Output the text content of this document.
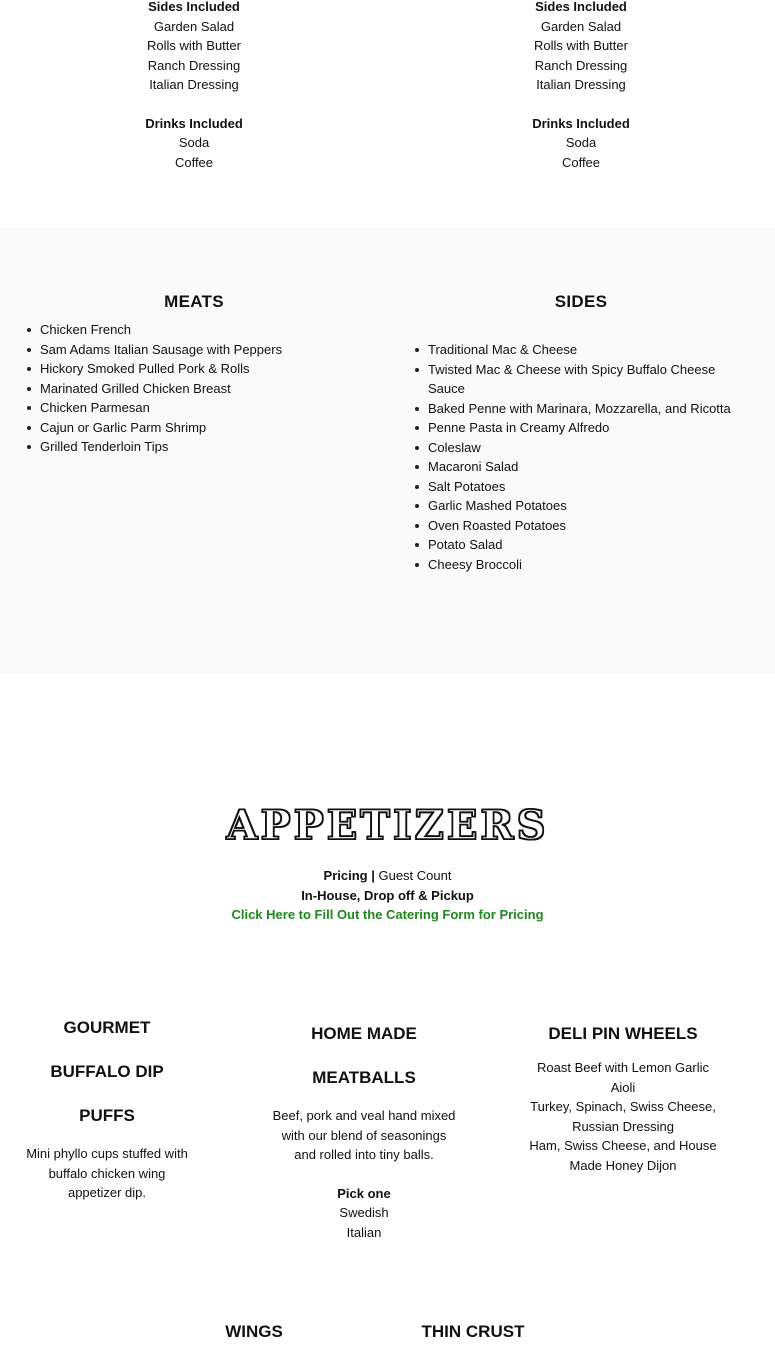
Sides Included
Garden Salad
Rolls with Butter
Ranch Dressing
Italian Dressing
Drinks Included
Soda
Coffee
Sides Included
Garden Salad
Rolls with Butter
Ranch Dressing
Italian Dressing
Drinks Included
Soda
Coffee
MEATS
Chicken French
Sam Adams Italian Sausage with Peppers
Hickory Smoked Pulled Pork & Rolls
Marinated Grilled Chicken Breast
Chicken Parmesan
Cajun or Garlic Parm Shrimp
Grilled Tenderloin Tips
SIDES
Traditional Mac & Cheese
Twisted Mac & Cheese with Spicy Buffalo Cheese Sauce
Baked Penne with Marinara, Mozzarella, and Ricotta
Penne Pasta in Creamy Alfredo
Coleslaw
Macaroni Salad
Salt Potatoes
Garlic Mashed Potatoes
Oven Roasted Potatoes
Potato Salad
Cheesy Broccoli
APPETIZERS
Pricing | Guest Count
In-House, Drop off & Pickup
Click Here to Fill Out the Catering Form for Pricing
GOURMET
BUFFALO DIP
PUFFS
Mini phyllo cups stuffed with
buffalo chicken wing
appetizer dip.
HOME MADE
MEATBALLS
Beef, pork and veal hand mixed
with our blend of seasonings
and rolled into tiny balls.
Pick one
Swedish
Italian
DELI PIN WHEELS
Roast Beef with Lemon Garlic
Aioli
Turkey, Spinach, Swiss Cheese,
Russian Dressing
Ham, Swiss Cheese, and House
Made Honey Dijon
WINGS	THIN CRUST
